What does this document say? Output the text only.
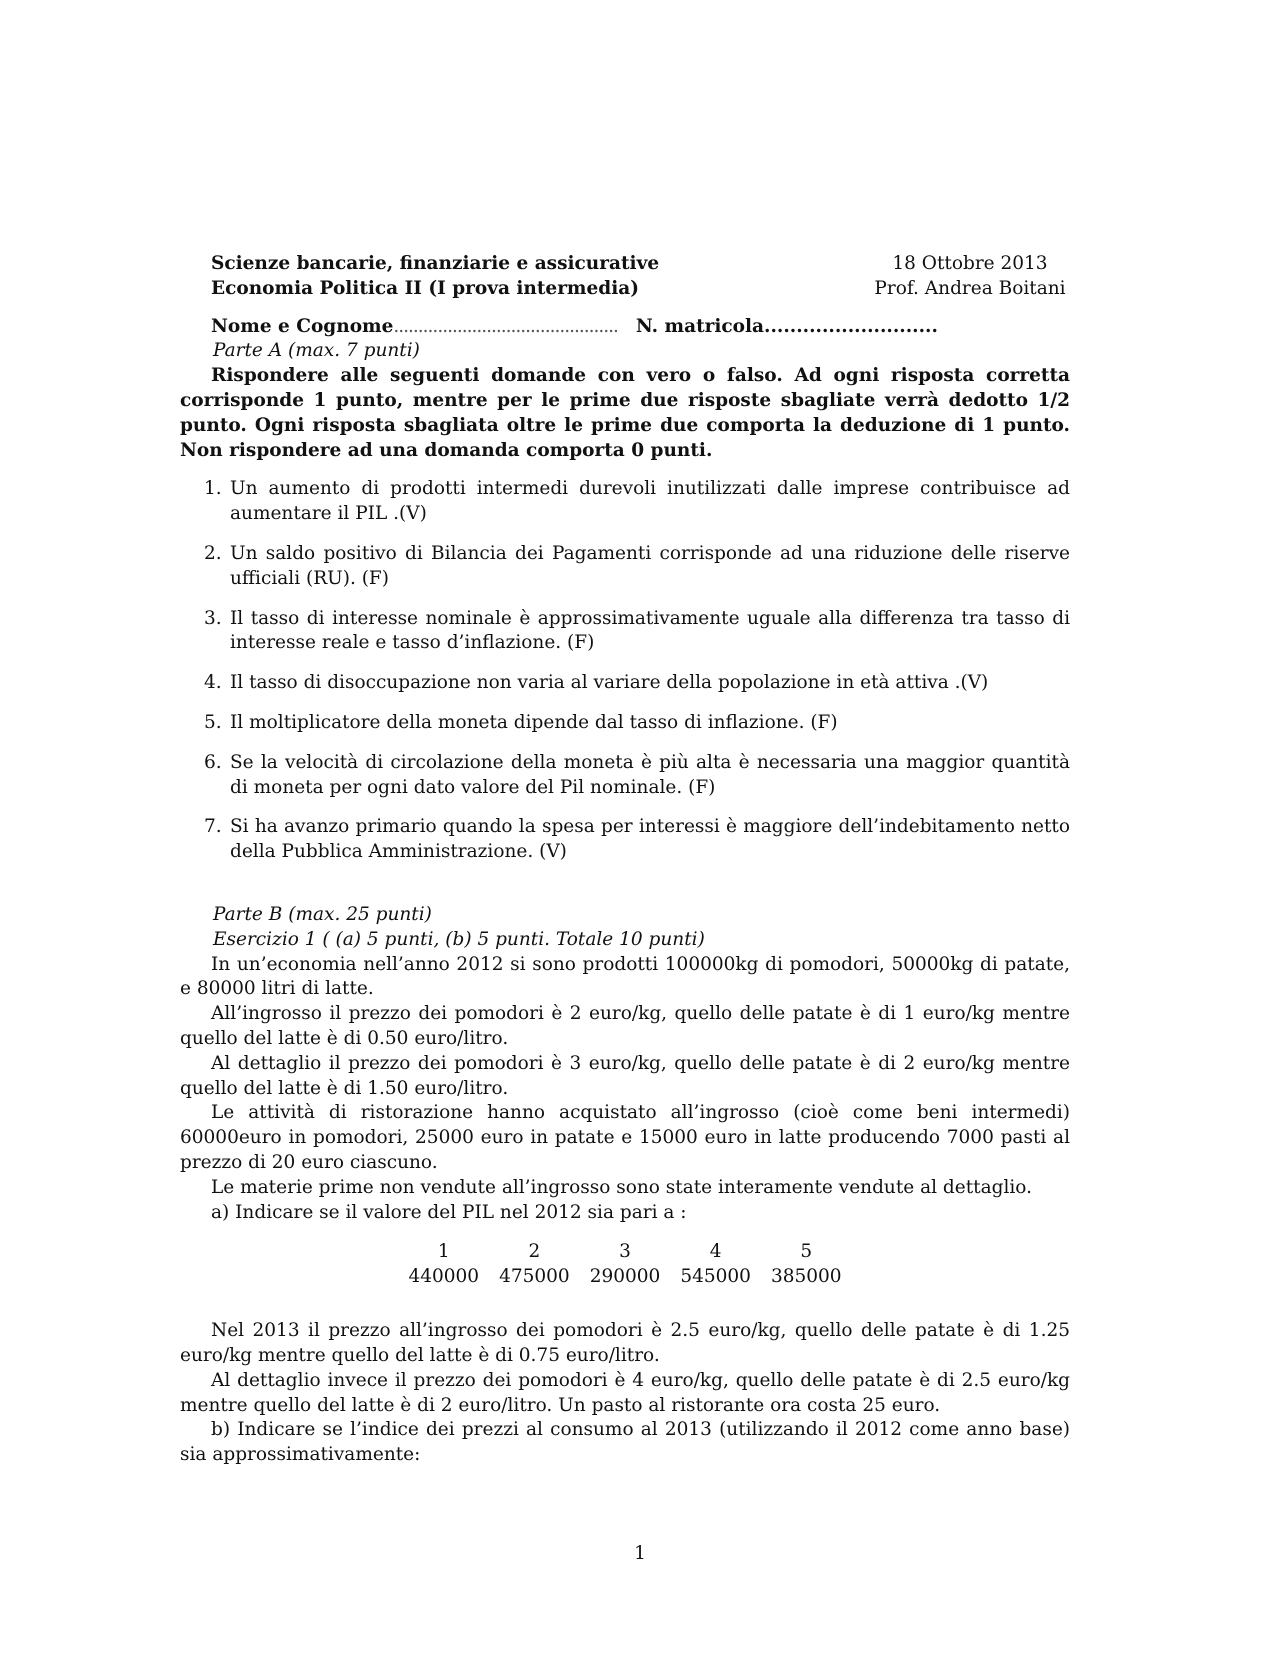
Scienze bancarie, finanziarie e assicurative	18 Ottobre 2013
Economia Politica II (I prova intermedia)	Prof. Andrea Boitani
Nome e Cognome .............................................. N. matricola...........................
Parte A (max. 7 punti)

Rispondere alle seguenti domande con vero o falso. Ad ogni risposta corretta corrisponde 1 punto, mentre per le prime due risposte sbagliate verrà dedotto 1/2 punto. Ogni risposta sbagliata oltre le prime due comporta la deduzione di 1 punto. Non rispondere ad una domanda comporta 0 punti.

1. Un aumento di prodotti intermedi durevoli inutilizzati dalle imprese contribuisce ad aumentare il PIL .(V)
2. Un saldo positivo di Bilancia dei Pagamenti corrisponde ad una riduzione delle riserve ufficiali (RU). (F)
3. Il tasso di interesse nominale è approssimativamente uguale alla differenza tra tasso di interesse reale e tasso d’inflazione. (F)
4. Il tasso di disoccupazione non varia al variare della popolazione in età attiva .(V)
5. Il moltiplicatore della moneta dipende dal tasso di inflazione. (F)
6. Se la velocità di circolazione della moneta è più alta è necessaria una maggior quantità di moneta per ogni dato valore del Pil nominale. (F)
7. Si ha avanzo primario quando la spesa per interessi è maggiore dell’indebitamento netto della Pubblica Amministrazione. (V)
Parte B (max. 25 punti)
Esercizio 1 ( (a) 5 punti, (b) 5 punti. Totale 10 punti)

In un’economia nell’anno 2012 si sono prodotti 100000kg di pomodori, 50000kg di patate, e 80000 litri di latte.

All’ingrosso il prezzo dei pomodori è 2 euro/kg, quello delle patate è di 1 euro/kg mentre quello del latte è di 0.50 euro/litro.

Al dettaglio il prezzo dei pomodori è 3 euro/kg, quello delle patate è di 2 euro/kg mentre quello del latte è di 1.50 euro/litro.

Le attività di ristorazione hanno acquistato all’ingrosso (cioè come beni intermedi) 60000euro in pomodori, 25000 euro in patate e 15000 euro in latte producendo 7000 pasti al prezzo di 20 euro ciascuno.

Le materie prime non vendute all’ingrosso sono state interamente vendute al dettaglio.

a) Indicare se il valore del PIL nel 2012 sia pari a :

1	2	3	4	5
440000	475000	290000	545000	385000

Nel 2013 il prezzo all’ingrosso dei pomodori è 2.5 euro/kg, quello delle patate è di 1.25 euro/kg mentre quello del latte è di 0.75 euro/litro.

Al dettaglio invece il prezzo dei pomodori è 4 euro/kg, quello delle patate è di 2.5 euro/kg mentre quello del latte è di 2 euro/litro. Un pasto al ristorante ora costa 25 euro.

b) Indicare se l’indice dei prezzi al consumo al 2013 (utilizzando il 2012 come anno base) sia approssimativamente:

1
